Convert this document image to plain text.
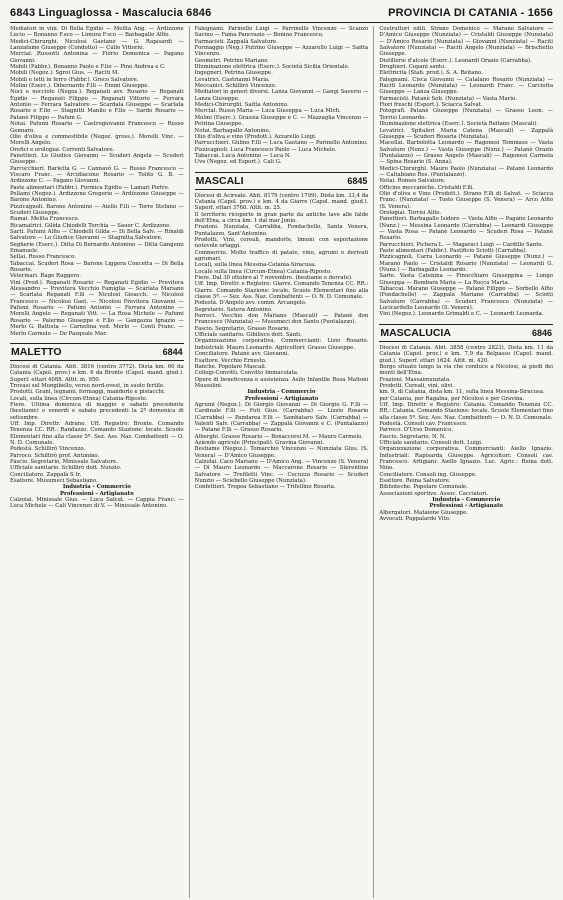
6843 Linguaglossa - Mascalucia 6846	PROVINCIA DI CATANIA - 1656

Mediatori in vini. Di Bella Egidio — Melita Ang. — Ardizzone Lucio — Bonanno F.sco — Limura F.sco — Barbagallo Alfio.

Medici-Chirurghi. Nicolosi Gaetano — G. Rapisardi — Lanzafame Giuseppe (Condotto) — Cullo Vittorio.

Mercial. Russotti Antonina — Fiorio Domenica — Pagano Giovanni.

Mobili (Fabbr.). Bonanno Paolo e F.lio — Pino Andrea e C.

Mobili (Negoz.). Sgroi Gius. — Raciti M.

Mobili e letti in ferro (Fabbr.). Greco Salvatore.

Molini (Eserc.). Dibernardo F.lli — Emmi Giuseppe.

Noci e nocciole (Negoz.). Reganati avv. Rosario — Reganati Egidio — Reganati Filippo — Reganati Vittorio — Ferrara Antonio — Ferrara Salvatore — Scardala Giuseppe — Scarlata Rosario e F.llo — Stagnitti Manlio e F.llo — Sardo Rosario — Patanè Filippo — Pafum G.

Notai. Pafumi Rosario — Castrogiovanni Francesco — Russo Gennaro.

Olio d'oliva e commestibile (Negoz. gross.). Morelli Vinc. — Morelli Angelo.

Orefici e orologiai. Correnti Salvatore.

Panettieri. Lo Giudice Giovanni — Scuderi Angela — Scuderi Giuseppe.

Parrucchieri. Barletta G. — Cannavò G. — Russo Francesco — Viscaro Franc. — Arcidiacono Rosario — Tolito G. B. — Ardizzone C. — Pagano Giovanni.

Paste alimentari (Fabbr.). Formica Egidio — Lamari Pietro.

Pellami (Negoz.). Ardizzone Gregorio — Ardizzone Giuseppe — Barone Antonino.

Pizzicagnoli. Barone Antonino — Aiello F.lli — Torre Stefano — Scuderi Giuseppe.

Ramai. Melita Francesco.

Ricamatrici. Gilida Chiodelli Torchia — Sauer C. Ardizzone.

Sarti. Pafumi Alfio — Chiodelli Gilda — Di Bella Salv. — Rinaldi Salvatore — Lo Giudice Giovanni — Stagnitta Salvatore.

Segherie (Eserc.). Ditta Di Bernardo Antonino — Ditta Gangemi Emanuele.

Sellai. Russo Francesco.

Tabaccai. Scuderi Rosa — Barone Liggera Concetta — Di Bella Rosario.

Veterinari. Rago Ruggero.

Vini (Prod.). Reganati Rosario — Reganati Egidio — Previtera Alessandro — Previtera Vecchio Famiglia — Scarlata Mariano — Scarlata Reganati F.lli — Nicolosi Gioacch. — Nicolosi Francesco — Nicolosi Gaet. — Nicolosi Previtera Giovanni — Pafumi Rosario — Pafumi Antonio — Ferrara Antonino — Morelli Angelo — Reganati Vitt. — La Rosa Michele — Pafumi Rosario — Palermo Giuseppe e F.llo — Gangazza Ignazio — Merlo G. Battista — Carnelina ved. Merlo — Conti Franc. — Merlo Carmelo — De Pasquale Mar.

MALETTO	6844

Diocesi di Catania. Abit. 3816 (centro 3772). Dista km. 60 da Catania (Capol. prov.) e km. 6 da Bronte (Capol. mand. giud.). Superf. ettari 4088. Altit. m. 950.

Trovasi sul Mongibello, verso nord-ovest, in suolo fertile.

Prodotti. Grani, legnami, formaggi, mandorle e pistacchi.

Locali, sulla linea (Circum-Etnea) Catania-Riposto.

Fiere. Ultima domenica di maggio e sabato precedente (bestiame) e venerdì e sabato precedenti la 2ª domenica di settembre.

Uff. Imp. Direttr. Adrano. Uff. Registro: Bronte. Comando Tenenza CC. RR.: Randazzo. Comando Stazione: locale. Scuole Elementari fino alla classe 5ª. Sez. Ass. Naz. Combattenti — O. N. D. Comunale.

Podestà. Schillirò Vincenzo.

Parroco. Schillirò prof. Antonino.

Fascio. Segretario, Minissale Salvatore.

Ufficiale sanitario. Schillirò dott. Nunzio.

Conciliatore. Zappalà S Ir.

Esattore. Musumeci Sebastiano.

Industria - Commercio

Professioni - Artigianato

Calzolai. Minissale Gius. — Luca Salvat. — Cappia Franc. — Luca Michele — Cali Vincenzo di V. — Minissale Antonino.

Falegnami. Parinello Luigi — Parrinello Vincenzo — Scanzo Savino — Fama Pancrazio — Bonino Francesco.

Farmacisti. Zappalà Salvatore.

Formaggio (Neg.) Putrino Giuseppe — Azzarello Luigi — Saitta Vincenzo.

Geometri. Petrino Mariano.

Illuminazione elettrica (Eserc.). Società Sicilia Orientale.

Ingegneri. Petrina Giuseppe.

Levatrici. Castrianni Maria.

Meccanici. Schillirò Vincenzo.

Mediatori in generi diversi. Lanza Giovanni — Gangi Saverio — Lanza Giuseppe.

Medici-Chirurghi. Saitta Antonino.

Mercial. Russo Maria — Luca Giuseppa — Luca Mich.

Molini (Eserc.). Grassia Giuseppe e C. — Mazzaglia Vincenzo — Petrina Giuseppe.

Notai. Barbagallo Antonino.

Olio d'oliva e vino (Prodott.). Azzarello Luigi.

Parrucchieri. Gulino F.lli — Luca Gaetano — Parinello Antonino.

Pizzicagnoli. Luca Francesco Paolo — Luca Michele.

Tabaccai. Luca Antonino — Luca N.

Uve (Negoz. ed Esport.). Cali G.

MASCALI	6845

Diocesi di Acireale. Abit. 8179 (centro 1799). Dista km. 33,4 da Catania (Capol. prov.) e km. 4 da Giarre (Capol. mand. giud.). Superf. ettari 3768. Altit. m. 25.

Il territorio ricoperto in gran parte da antiche lave alle falde dell'Etna, a circa km. 1 dal mar Jonio.

Frazioni. Nunziata, Carrabba, Fondachello, Santa Venera, Puntalazzo, Sant'Antonino.

Prodotti. Vini, cereali, mandorle, limoni con esportazione notevole ortaggi.

Commercio. Molto traffico di patate, vino, agrumi e derivati agrumari.

Locali, sulla linea Messina-Catania-Siracusa.

Locale sulla linea (Circum-Etnea) Catania-Riposto.

Fiere. Dal 30 ottobre al 7 novembre. (bestiame e derrate).

Uff. Imp. Direttr. e Registro: Giarre. Comando Tenenza CC. RR.: Giarre. Comando Stazione: locale. Scuole Elementari fino alla classe 5ª. — Sez. Ass. Naz. Combattenti — O. N. D. Comunale.

Podestà. D'Angelo avv. comm. Arcangelo.

Segretario. Sutera Antonino.

Parroci. Vecchio don Mariano (Mascali) — Patanè don Francesco (Nunziata) — Musumeci don Santo (Puntalazzo).

Fascio. Segretario, Grasso Rosario.

Ufficiale sanitario. Gibilisco dott. Santi.

Organizzazione corporativa. Commercianti: Lizio Rosario. Industriali: Mauro Leonardo. Agricoltori: Grasso Giuseppe.

Conciliatore. Patanè avv. Giovanni.

Esattore. Vecchio Ernesto.

Banche. Popolare Mascali.

Collegi-Convitti. Convitto Immacolata.

Opere di beneficenza e assistenza. Asilo Infantile Rosa Maltoni Mussolini.

Industria - Commercio

Professioni - Artigianato

Agrumi (Negoz.). Di Giorgio Giovanni — Di Giorgio G. F.lli — Cardinale F.lli — Foti Gius. (Carrabba) — Lizzio Rosario (Carrabba) — Pandarea F.lli — Sambataro Salv. (Carrabba) — Valenti Salv. (Carrabba) — Zappalà Giovanni e C. (Puntalazzo) — Patanè F.lli — Grasso Rosario.

Alberghi. Grasso Rosario — Bonaccorsi M. — Mauro Carmelo.

Aziende agricole (Principali). Gravina Giovanni.

Bestiame (Negoz.). Tomarchio Vincenzo — Nunziata Gius. (S. Venera) — D'Amico Giuseppe.

Calzolai. Caco Mariano — D'Amico Ang. — Vincenzo (S. Venera) — Di Mauro Leonardo — Maccarone Rosario — Sterentino Salvatore — Trefiletti Vinc. — Cocuzza Rosario — Scuderi Nunzio — Sciebello Giuseppe (Nunziata).

Confettieri. Tropea Sebastiano — Trifellino Rosaria.

Costruttori edili. Strano Domenico — Marano Salvatore — D'Amico Giuseppe (Nunziata) — Cristaldi Giuseppe (Nunziata) — D'Amico Rosario (Nunziata) — Giovanni (Nunziata) — Raciti Salvatore (Nunziata) — Raciti Angelo (Nunziata) — Brischetto Giuseppe.

Distillerie d'alcole (Eserc.). Leonardi Orazio (Carrabba).

Droghieri. Copani santo.

Elettricità (Stab. prod.). S. A. Reitano.

Falegnami. Cisca Giovanni — Catalano Rosario (Nunziata) — Raciti Leonardo (Nunziata) — Leonardi Franc. — Carciotta Giuseppe — Lanza Giuseppe.

Farmacisti. Patanè Seb. (Nunziata) — Vasta Mario.

Fiori freschi (Esport.). Sciacca Salvat.

Fotografi. Patanè Giuseppe (Nunziata) — Grasso Leon. — Torrisi Leonardo.

Illuminazione elettrica (Eserc.). Società Reitano (Mascali).

Levatrici. Spitaleri Maria Catena (Mascali) — Zappalà Giuseppa — Scuderi Rosaria (Nunziata).

Macellai. Barbolotta Leonardo — Ragonesi Tommaso — Vasta Salvatore (Nunz.) — Vasta Giuseppe (Nunz.) — Patanè Orazio (Puntalazzo) — Grasso Angelo (Mascali) — Ragonesi Carmela — Spina Rosario (S. Anna).

Medici-Chirurghi. Mauro Paolo (Nunziata) — Patanè Leonardo — Caltabiano Ros. (Puntalazzo).

Notai. Romeo Salvatore.

Officine meccaniche. Cristaldi F.lli.

Olio d'oliva e Vino (Prodott.). Strano F.lli di Salvat. — Sciacca Franc. (Nunziata) — Tosto Giuseppe (S. Venera) — Arco Alfio (S. Venera).

Orologiai. Torrisi Alfio.

Panettieri. Barbagallo Isidoro — Vasta Alfio — Pagano Leonardo (Nunz.) — Messina Leonardo (Carrabba) — Leonardi Giuseppe — Vasta Rosa — Patanè Leonardo — Scuderi Rosa — Patanè Rosario.

Parrucchieri. Pichera L. — Magaraci Luigi — Cardillo Santo.

Paste alimentari (Fabbr.). Pastificio Sciotti (Carrabba).

Pizzicagnoli. Carra Leonardo — Patanè Giuseppe (Nunz.) — Marano Paolo — Cristaldi Rosario (Nunziata) — Leonardi G. (Nunz.) — Barbagallo Leonardo.

Sarte. Vasta Catenina — Finocchiaro Giuseppina — Longo Giuseppa — Bombara Maria — La Rocca Marta.

Tabaccai. Marano Giuseppe — Patanè Filippo — Sorbello Alfio (Fondachello) — Zappalà Mariano (Carrabba) — Sciotti Salvatore (Carrabba) — Scuderi Francesco (Nunziata) — Locicardello Leonardo (S. Venera).

Vini (Negoz.). Leonardo Grimaldi e C. — Leonardi Leonarda.

MASCALUCIA	6846

Diocesi di Catania. Abit. 3858 (centro 2823). Dista km. 11 da Catania (Capol. prov.) e km. 7,9 da Belpasso (Capol. mand. giud.). Superf. ettari 1624. Altit. m. 420.

Borgo situato lungo la via che conduce a Nicolosi, ai piedi dei monti dell'Etna.

Frazioni. Massannunziata.

Prodotti. Cereali, vini, olivi.

km. 9, di Catania, dista km. 11, sulla linea Messina-Siracusa.

per Catania, per Ragalna, per Nicolosi e per Gravina.

Uff. Imp. Direttr. e Registro: Catania. Comando Tenenza CC. RR.: Catania. Comando Stazione: locale. Scuole Elementari fino alla classe 5ª. Sez. Ass. Naz. Combattenti — O. N. D. Comunale.

Podestà. Consoli cav. Francesco.

Parroco. D'Urso Domenico.

Fascio. Segretario, N. N.

Ufficiale sanitario. Consoli dott. Luigi.

Organizzazione corporativa. Commercianti: Aiello Ignazio. Industriali: Rapisarda Giuseppe. Agricoltori: Consoli cav. Francesco. Artigiani: Aiello Ignazio. Luc. Agric.: Reina dott. Nino.

Conciliatore. Consoli ing. Giuseppe.

Esattore. Reina Salvatore.

Biblioteche. Popolare Comunale.

Associazioni sportive. Assoc. Cacciatori.

Industria - Commercio

Professioni - Artigianato

Albergatori. Mataione Giuseppe.

Avvocati. Pappalardo Vito.
